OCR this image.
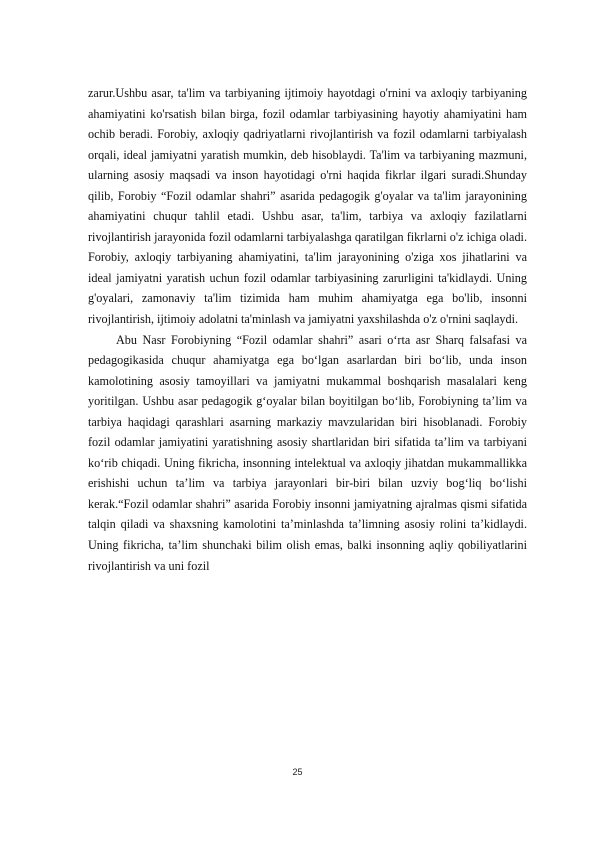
zarur.Ushbu asar, ta'lim va tarbiyaning ijtimoiy hayotdagi o'rnini va axloqiy tarbiyaning ahamiyatini ko'rsatish bilan birga, fozil odamlar tarbiyasining hayotiy ahamiyatini ham ochib beradi. Forobiy, axloqiy qadriyatlarni rivojlantirish va fozil odamlarni tarbiyalash orqali, ideal jamiyatni yaratish mumkin, deb hisoblaydi. Ta'lim va tarbiyaning mazmuni, ularning asosiy maqsadi va inson hayotidagi o'rni haqida fikrlar ilgari suradi.Shunday qilib, Forobiy “Fozil odamlar shahri” asarida pedagogik g'oyalar va ta'lim jarayonining ahamiyatini chuqur tahlil etadi. Ushbu asar, ta'lim, tarbiya va axloqiy fazilatlarni rivojlantirish jarayonida fozil odamlarni tarbiyalashga qaratilgan fikrlarni o'z ichiga oladi. Forobiy, axloqiy tarbiyaning ahamiyatini, ta'lim jarayonining o'ziga xos jihatlarini va ideal jamiyatni yaratish uchun fozil odamlar tarbiyasining zarurligini ta'kidlaydi. Uning g'oyalari, zamonaviy ta'lim tizimida ham muhim ahamiyatga ega bo'lib, insonni rivojlantirish, ijtimoiy adolatni ta'minlash va jamiyatni yaxshilashda o'z o'rnini saqlaydi.

Abu Nasr Forobiyning “Fozil odamlar shahri” asari o‘rta asr Sharq falsafasi va pedagogikasida chuqur ahamiyatga ega bo‘lgan asarlardan biri bo‘lib, unda inson kamolotining asosiy tamoyillari va jamiyatni mukammal boshqarish masalalari keng yoritilgan. Ushbu asar pedagogik g‘oyalar bilan boyitilgan bo‘lib, Forobiyning ta’lim va tarbiya haqidagi qarashlari asarning markaziy mavzularidan biri hisoblanadi. Forobiy fozil odamlar jamiyatini yaratishning asosiy shartlaridan biri sifatida ta’lim va tarbiyani ko‘rib chiqadi. Uning fikricha, insonning intelektual va axloqiy jihatdan mukammallikka erishishi uchun ta’lim va tarbiya jarayonlari bir-biri bilan uzviy bog‘liq bo‘lishi kerak.“Fozil odamlar shahri” asarida Forobiy insonni jamiyatning ajralmas qismi sifatida talqin qiladi va shaxsning kamolotini ta’minlashda ta’limning asosiy rolini ta’kidlaydi. Uning fikricha, ta’lim shunchaki bilim olish emas, balki insonning aqliy qobiliyatlarini rivojlantirish va uni fozil

25
